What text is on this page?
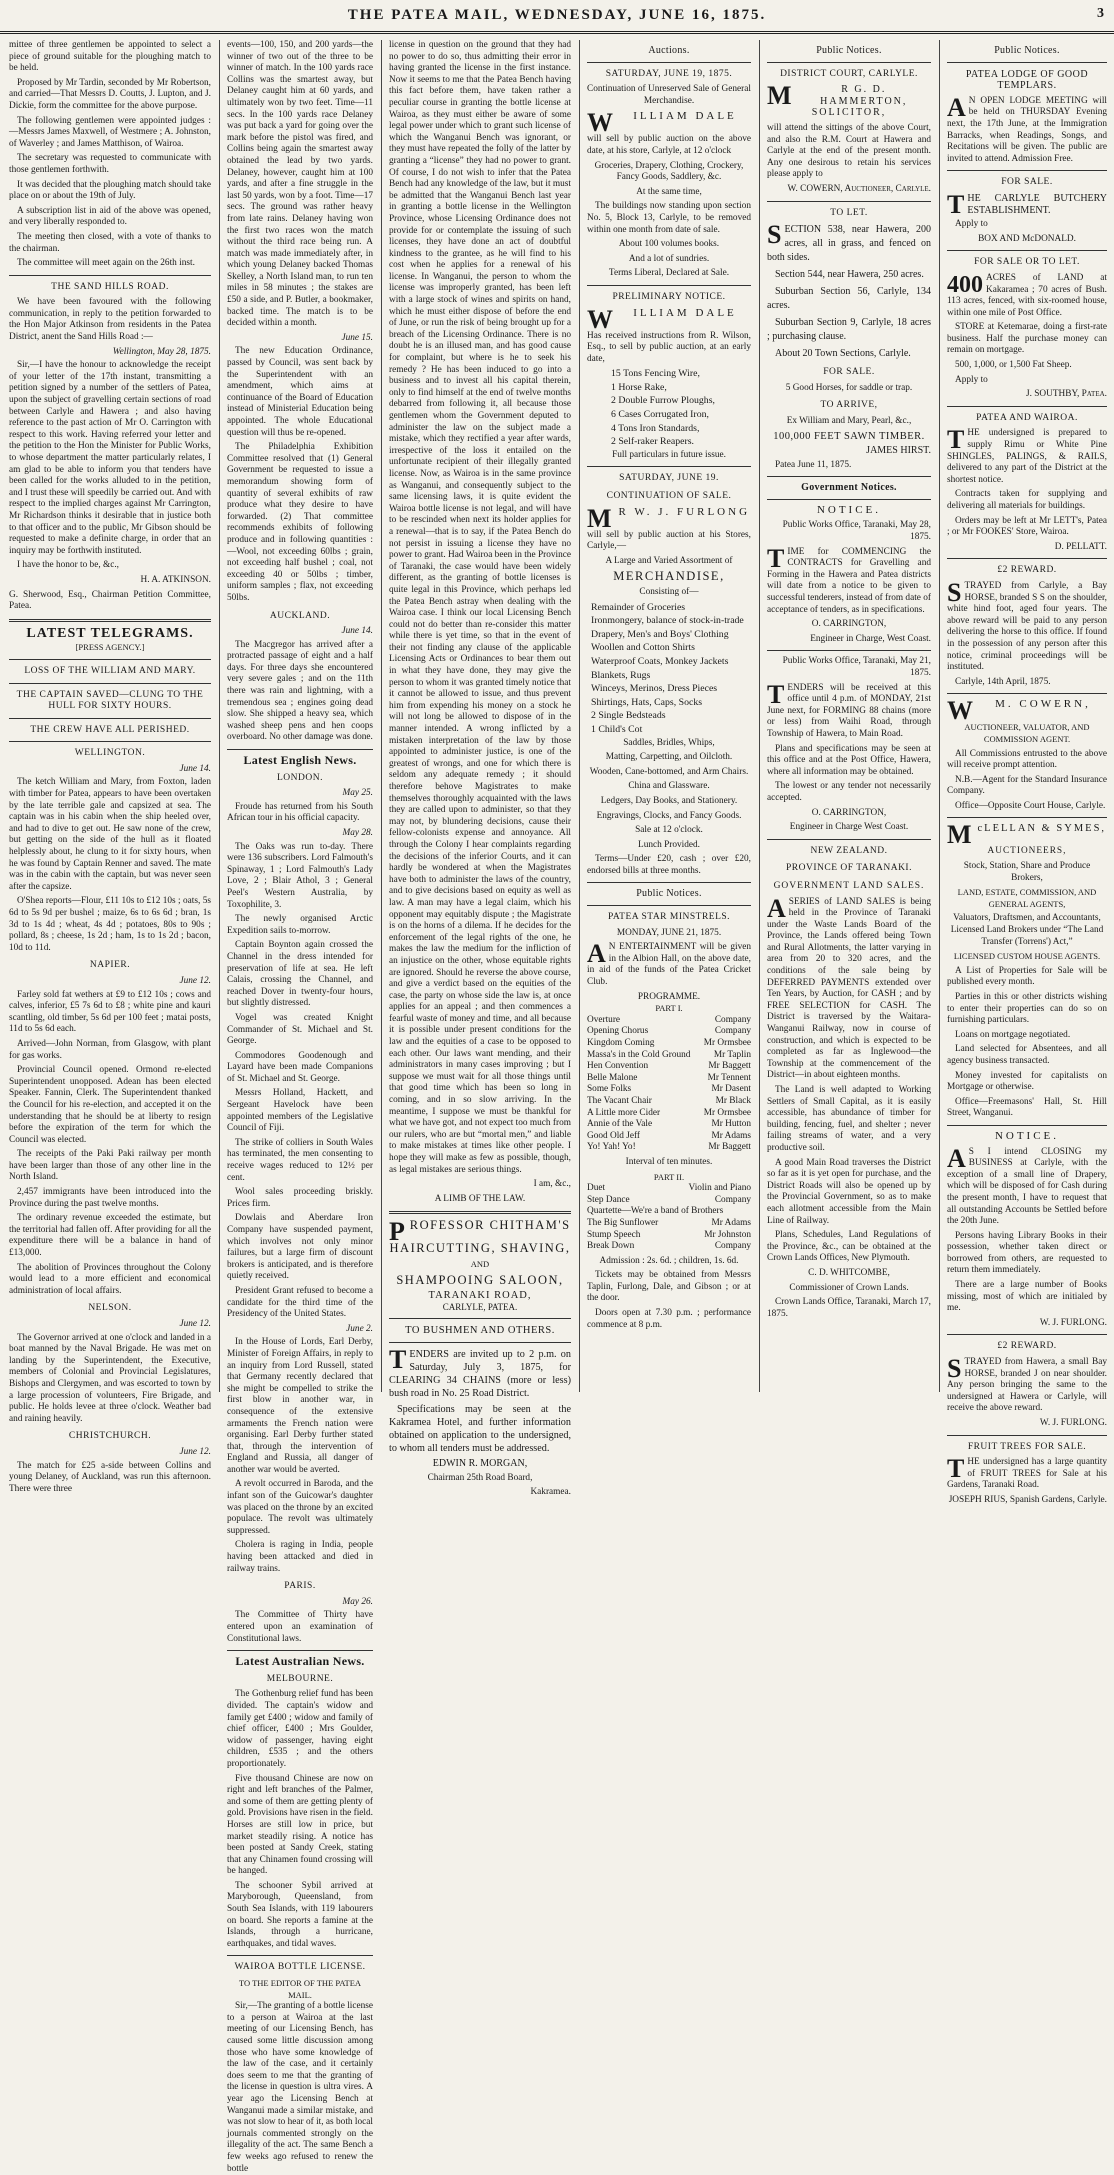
THE PATEA MAIL, WEDNESDAY, JUNE 16, 1875.	3

mittee of three gentlemen be appointed to select a piece of ground suitable for the ploughing match to be held.

Proposed by Mr Tardin, seconded by Mr Robertson, and carried—That Messrs D. Coutts, J. Lupton, and J. Dickie, form the committee for the above purpose.

The following gentlemen were appointed judges :—Messrs James Maxwell, of Westmere ; A. Johnston, of Waverley ; and James Matthison, of Wairoa.

The secretary was requested to communicate with those gentlemen forthwith.

It was decided that the ploughing match should take place on or about the 19th of July.

A subscription list in aid of the above was opened, and very liberally responded to.

The meeting then closed, with a vote of thanks to the chairman.

The committee will meet again on the 26th inst.

THE SAND HILLS ROAD.

We have been favoured with the following communication, in reply to the petition forwarded to the Hon Major Atkinson from residents in the Patea District, anent the Sand Hills Road :—

Wellington, May 28, 1875.

Sir,—I have the honour to acknowledge the receipt of your letter of the 17th instant, transmitting a petition signed by a number of the settlers of Patea, upon the subject of gravelling certain sections of road between Carlyle and Hawera ; and also having reference to the past action of Mr O. Carrington with respect to this work. Having referred your letter and the petition to the Hon the Minister for Public Works, to whose department the matter particularly relates, I am glad to be able to inform you that tenders have been called for the works alluded to in the petition, and I trust these will speedily be carried out. And with respect to the implied charges against Mr Carrington, Mr Richardson thinks it desirable that in justice both to that officer and to the public, Mr Gibson should be requested to make a definite charge, in order that an inquiry may be forthwith instituted.

I have the honor to be, &c.,

H. A. ATKINSON.

G. Sherwood, Esq., Chairman Petition Committee, Patea.

LATEST TELEGRAMS.
[PRESS AGENCY.]
LOSS OF THE WILLIAM AND MARY.
THE CAPTAIN SAVED—CLUNG TO THE HULL FOR SIXTY HOURS.
THE CREW HAVE ALL PERISHED.
WELLINGTON.
June 14.

The ketch William and Mary, from Foxton, laden with timber for Patea, appears to have been overtaken by the late terrible gale and capsized at sea. The captain was in his cabin when the ship heeled over, and had to dive to get out. He saw none of the crew, but getting on the side of the hull as it floated helplessly about, he clung to it for sixty hours, when he was found by Captain Renner and saved. The mate was in the cabin with the captain, but was never seen after the capsize.

O'Shea reports—Flour, £11 10s to £12 10s ; oats, 5s 6d to 5s 9d per bushel ; maize, 6s to 6s 6d ; bran, 1s 3d to 1s 4d ; wheat, 4s 4d ; potatoes, 80s to 90s ; pollard, 8s ; cheese, 1s 2d ; ham, 1s to 1s 2d ; bacon, 10d to 11d.

NAPIER.
June 12.

Farley sold fat wethers at £9 to £12 10s ; cows and calves, inferior, £5 7s 6d to £8 ; white pine and kauri scantling, old timber, 5s 6d per 100 feet ; matai posts, 11d to 5s 6d each.

Arrived—John Norman, from Glasgow, with plant for gas works.

Provincial Council opened. Ormond re-elected Superintendent unopposed. Adean has been elected Speaker. Fannin, Clerk. The Superintendent thanked the Council for his re-election, and accepted it on the understanding that he should be at liberty to resign before the expiration of the term for which the Council was elected.

The receipts of the Paki Paki railway per month have been larger than those of any other line in the North Island.

2,457 immigrants have been introduced into the Province during the past twelve months.

The ordinary revenue exceeded the estimate, but the territorial had fallen off. After providing for all the expenditure there will be a balance in hand of £13,000.

The abolition of Provinces throughout the Colony would lead to a more efficient and economical administration of local affairs.

NELSON.
June 12.

The Governor arrived at one o'clock and landed in a boat manned by the Naval Brigade. He was met on landing by the Superintendent, the Executive, members of Colonial and Provincial Legislatures, Bishops and Clergymen, and was escorted to town by a large procession of volunteers, Fire Brigade, and public. He holds levee at three o'clock. Weather bad and raining heavily.

CHRISTCHURCH.
June 12.

The match for £25 a-side between Collins and young Delaney, of Auckland, was run this afternoon. There were three

events—100, 150, and 200 yards—the winner of two out of the three to be winner of match. In the 100 yards race Collins was the smartest away, but Delaney caught him at 60 yards, and ultimately won by two feet. Time—11 secs. In the 100 yards race Delaney was put back a yard for going over the mark before the pistol was fired, and Collins being again the smartest away obtained the lead by two yards. Delaney, however, caught him at 100 yards, and after a fine struggle in the last 50 yards, won by a foot. Time—17 secs. The ground was rather heavy from late rains. Delaney having won the first two races won the match without the third race being run. A match was made immediately after, in which young Delaney backed Thomas Skelley, a North Island man, to run ten miles in 58 minutes ; the stakes are £50 a side, and P. Butler, a bookmaker, backed time. The match is to be decided within a month.

June 15.

The new Education Ordinance, passed by Council, was sent back by the Superintendent with an amendment, which aims at continuance of the Board of Education instead of Ministerial Education being appointed. The whole Educational question will thus be re-opened.

The Philadelphia Exhibition Committee resolved that (1) General Government be requested to issue a memorandum showing form of quantity of several exhibits of raw produce what they desire to have forwarded. (2) That committee recommends exhibits of following produce and in following quantities :—Wool, not exceeding 60lbs ; grain, not exceeding half bushel ; coal, not exceeding 40 or 50lbs ; timber, uniform samples ; flax, not exceeding 50lbs.

AUCKLAND.
June 14.

The Macgregor has arrived after a protracted passage of eight and a half days. For three days she encountered very severe gales ; and on the 11th there was rain and lightning, with a tremendous sea ; engines going dead slow. She shipped a heavy sea, which washed sheep pens and hen coops overboard. No other damage was done.

Latest English News.
LONDON.
May 25.

Froude has returned from his South African tour in his official capacity.

May 28.

The Oaks was run to-day. There were 136 subscribers. Lord Falmouth's Spinaway, 1 ; Lord Falmouth's Lady Love, 2 ; Blair Athol, 3 ; General Peel's Western Australia, by Toxophilite, 3.

The newly organised Arctic Expedition sails to-morrow.

Captain Boynton again crossed the Channel in the dress intended for preservation of life at sea. He left Calais, crossing the Channel, and reached Dover in twenty-four hours, but slightly distressed.

Vogel was created Knight Commander of St. Michael and St. George.

Commodores Goodenough and Layard have been made Companions of St. Michael and St. George.

Messrs Holland, Hackett, and Sergeant Havelock have been appointed members of the Legislative Council of Fiji.

The strike of colliers in South Wales has terminated, the men consenting to receive wages reduced to 12½ per cent.

Wool sales proceeding briskly. Prices firm.

Dowlais and Aberdare Iron Company have suspended payment, which involves not only minor failures, but a large firm of discount brokers is anticipated, and is therefore quietly received.

President Grant refused to become a candidate for the third time of the Presidency of the United States.

June 2.

In the House of Lords, Earl Derby, Minister of Foreign Affairs, in reply to an inquiry from Lord Russell, stated that Germany recently declared that she might be compelled to strike the first blow in another war, in consequence of the extensive armaments the French nation were organising. Earl Derby further stated that, through the intervention of England and Russia, all danger of another war would be averted.

A revolt occurred in Baroda, and the infant son of the Guicowar's daughter was placed on the throne by an excited populace. The revolt was ultimately suppressed.

Cholera is raging in India, people having been attacked and died in railway trains.

PARIS.
May 26.

The Committee of Thirty have entered upon an examination of Constitutional laws.

Latest Australian News.
MELBOURNE.

The Gothenburg relief fund has been divided. The captain's widow and family get £400 ; widow and family of chief officer, £400 ; Mrs Goulder, widow of passenger, having eight children, £535 ; and the others proportionately.

Five thousand Chinese are now on right and left branches of the Palmer, and some of them are getting plenty of gold. Provisions have risen in the field. Horses are still low in price, but market steadily rising. A notice has been posted at Sandy Creek, stating that any Chinamen found crossing will be hanged.

The schooner Sybil arrived at Maryborough, Queensland, from South Sea Islands, with 119 labourers on board. She reports a famine at the Islands, through a hurricane, earthquakes, and tidal waves.

WAIROA BOTTLE LICENSE.
TO THE EDITOR OF THE PATEA MAIL.

Sir,—The granting of a bottle license to a person at Wairoa at the last meeting of our Licensing Bench, has caused some little discussion among those who have some knowledge of the law of the case, and it certainly does seem to me that the granting of the license in question is ultra vires. A year ago the Licensing Bench at Wanganui made a similar mistake, and was not slow to hear of it, as both local journals commented strongly on the illegality of the act. The same Bench a few weeks ago refused to renew the bottle

license in question on the ground that they had no power to do so, thus admitting their error in having granted the license in the first instance. Now it seems to me that the Patea Bench having this fact before them, have taken rather a peculiar course in granting the bottle license at Wairoa, as they must either be aware of some legal power under which to grant such license of which the Wanganui Bench was ignorant, or they must have repeated the folly of the latter by granting a “license” they had no power to grant. Of course, I do not wish to infer that the Patea Bench had any knowledge of the law, but it must be admitted that the Wanganui Bench last year in granting a bottle license in the Wellington Province, whose Licensing Ordinance does not provide for or contemplate the issuing of such licenses, they have done an act of doubtful kindness to the grantee, as he will find to his cost when he applies for a renewal of his license. In Wanganui, the person to whom the license was improperly granted, has been left with a large stock of wines and spirits on hand, which he must either dispose of before the end of June, or run the risk of being brought up for a breach of the Licensing Ordinance. There is no doubt he is an illused man, and has good cause for complaint, but where is he to seek his remedy ? He has been induced to go into a business and to invest all his capital therein, only to find himself at the end of twelve months debarred from following it, all because those gentlemen whom the Government deputed to administer the law on the subject made a mistake, which they rectified a year after wards, irrespective of the loss it entailed on the unfortunate recipient of their illegally granted license. Now, as Wairoa is in the same province as Wanganui, and consequently subject to the same licensing laws, it is quite evident the Wairoa bottle license is not legal, and will have to be rescinded when next its holder applies for a renewal—that is to say, if the Patea Bench do not persist in issuing a license they have no power to grant. Had Wairoa been in the Province of Taranaki, the case would have been widely different, as the granting of bottle licenses is quite legal in this Province, which perhaps led the Patea Bench astray when dealing with the Wairoa case. I think our local Licensing Bench could not do better than re-consider this matter while there is yet time, so that in the event of their not finding any clause of the applicable Licensing Acts or Ordinances to bear them out in what they have done, they may give the person to whom it was granted timely notice that it cannot be allowed to issue, and thus prevent him from expending his money on a stock he will not long be allowed to dispose of in the manner intended. A wrong inflicted by a mistaken interpretation of the law by those appointed to administer justice, is one of the greatest of wrongs, and one for which there is seldom any adequate remedy ; it should therefore behove Magistrates to make themselves thoroughly acquainted with the laws they are called upon to administer, so that they may not, by blundering decisions, cause their fellow-colonists expense and annoyance. All through the Colony I hear complaints regarding the decisions of the inferior Courts, and it can hardly be wondered at when the Magistrates have both to administer the laws of the country, and to give decisions based on equity as well as law. A man may have a legal claim, which his opponent may equitably dispute ; the Magistrate is on the horns of a dilema. If he decides for the enforcement of the legal rights of the one, he makes the law the medium for the infliction of an injustice on the other, whose equitable rights are ignored. Should he reverse the above course, and give a verdict based on the equities of the case, the party on whose side the law is, at once applies for an appeal ; and then commences a fearful waste of money and time, and all because it is possible under present conditions for the law and the equities of a case to be opposed to each other. Our laws want mending, and their administrators in many cases improving ; but I suppose we must wait for all those things until that good time which has been so long in coming, and in so slow arriving. In the meantime, I suppose we must be thankful for what we have got, and not expect too much from our rulers, who are but “mortal men,” and liable to make mistakes at times like other people. I hope they will make as few as possible, though, as legal mistakes are serious things.

I am, &c.,

A LIMB OF THE LAW.

PROFESSOR CHITHAM'S
HAIRCUTTING, SHAVING,
AND
SHAMPOOING SALOON,
TARANAKI ROAD,
CARLYLE, PATEA.
TO BUSHMEN AND OTHERS.

TENDERS are invited up to 2 p.m. on Saturday, July 3, 1875, for CLEARING 34 CHAINS (more or less) bush road in No. 25 Road District.

Specifications may be seen at the Kakramea Hotel, and further information obtained on application to the undersigned, to whom all tenders must be addressed.

EDWIN R. MORGAN,

Chairman 25th Road Board,

Kakramea.

Auctions.
SATURDAY, JUNE 19, 1875.

Continuation of Unreserved Sale of General Merchandise.

W ILLIAM DALE

will sell by public auction on the above date, at his store, Carlyle, at 12 o'clock

Groceries, Drapery, Clothing, Crockery, Fancy Goods, Saddlery, &c.

At the same time,

The buildings now standing upon section No. 5, Block 13, Carlyle, to be removed within one month from date of sale.

About 100 volumes books.

And a lot of sundries.

Terms Liberal, Declared at Sale.

PRELIMINARY NOTICE.
W ILLIAM DALE

Has received instructions from R. Wilson, Esq., to sell by public auction, at an early date,

15 Tons Fencing Wire,
1 Horse Rake,
2 Double Furrow Ploughs,
6 Cases Corrugated Iron,
4 Tons Iron Standards,
2 Self-raker Reapers.

Full particulars in future issue.

SATURDAY, JUNE 19.
CONTINUATION OF SALE.
M R W. J. FURLONG

will sell by public auction at his Stores, Carlyle,—

A Large and Varied Assortment of

MERCHANDISE,

Consisting of—

Remainder of Groceries
Ironmongery, balance of stock-in-trade
Drapery, Men's and Boys' Clothing
Woollen and Cotton Shirts
Waterproof Coats, Monkey Jackets
Blankets, Rugs
Winceys, Merinos, Dress Pieces
Shirtings, Hats, Caps, Socks
2 Single Bedsteads
1 Child's Cot

Saddles, Bridles, Whips,

Matting, Carpetting, and Oilcloth.

Wooden, Cane-bottomed, and Arm Chairs.

China and Glassware.

Ledgers, Day Books, and Stationery.

Engravings, Clocks, and Fancy Goods.

Sale at 12 o'clock.

Lunch Provided.

Terms—Under £20, cash ; over £20, endorsed bills at three months.

Public Notices.
PATEA STAR MINSTRELS.

MONDAY, JUNE 21, 1875.

A N ENTERTAINMENT will be given in the Albion Hall, on the above date, in aid of the funds of the Patea Cricket Club.

PROGRAMME.
PART I.
Overture	Company
Opening Chorus	Company
Kingdom Coming	Mr Ormsbee
Massa's in the Cold Ground	Mr Taplin
Hen Convention	Mr Baggett
Belle Malone	Mr Tennent
Some Folks	Mr Dasent
The Vacant Chair	Mr Black
A Little more Cider	Mr Ormsbee
Annie of the Vale	Mr Hutton
Good Old Jeff	Mr Adams
Yo! Yah! Yo!	Mr Baggett

Interval of ten minutes.

PART II.
Duet	Violin and Piano
Step Dance	Company
Quartette—We're a band of Brothers
The Big Sunflower	Mr Adams
Stump Speech	Mr Johnston
Break Down	Company

Admission : 2s. 6d. ; children, 1s. 6d.

Tickets may be obtained from Messrs Taplin, Furlong, Dale, and Gibson ; or at the door.

Doors open at 7.30 p.m. ; performance commence at 8 p.m.

Public Notices.
DISTRICT COURT, CARLYLE.
M	R G. D. HAMMERTON, SOLICITOR,

will attend the sittings of the above Court, and also the R.M. Court at Hawera and Carlyle at the end of the present month. Any one desirous to retain his services please apply to

W. COWERN, Auctioneer, Carlyle.

TO LET.

SECTION 538, near Hawera, 200 acres, all in grass, and fenced on both sides.

Section 544, near Hawera, 250 acres.

Suburban Section 56, Carlyle, 134 acres.

Suburban Section 9, Carlyle, 18 acres ; purchasing clause.

About 20 Town Sections, Carlyle.

FOR SALE.

5 Good Horses, for saddle or trap.

TO ARRIVE,

Ex William and Mary, Pearl, &c.,

100,000 FEET SAWN TIMBER.

JAMES HIRST.

Patea June 11, 1875.

Government Notices.
NOTICE.

Public Works Office, Taranaki, May 28, 1875.

TIME for COMMENCING the CONTRACTS for Gravelling and Forming in the Hawera and Patea districts will date from a notice to be given to successful tenderers, instead of from date of acceptance of tenders, as in specifications.

O. CARRINGTON,

Engineer in Charge, West Coast.

Public Works Office, Taranaki, May 21, 1875.

TENDERS will be received at this office until 4 p.m. of MONDAY, 21st June next, for FORMING 88 chains (more or less) from Waihi Road, through Township of Hawera, to Main Road.

Plans and specifications may be seen at this office and at the Post Office, Hawera, where all information may be obtained.

The lowest or any tender not necessarily accepted.

O. CARRINGTON,

Engineer in Charge West Coast.

NEW ZEALAND.
PROVINCE OF TARANAKI.
GOVERNMENT LAND SALES.

ASERIES of LAND SALES is being held in the Province of Taranaki under the Waste Lands Board of the Province, the Lands offered being Town and Rural Allotments, the latter varying in area from 20 to 320 acres, and the conditions of the sale being by DEFERRED PAYMENTS extended over Ten Years, by Auction, for CASH ; and by FREE SELECTION for CASH. The District is traversed by the Waitara-Wanganui Railway, now in course of construction, and which is expected to be completed as far as Inglewood—the Township at the commencement of the District—in about eighteen months.

The Land is well adapted to Working Settlers of Small Capital, as it is easily accessible, has abundance of timber for building, fencing, fuel, and shelter ; never failing streams of water, and a very productive soil.

A good Main Road traverses the District so far as it is yet open for purchase, and the District Roads will also be opened up by the Provincial Government, so as to make each allotment accessible from the Main Line of Railway.

Plans, Schedules, Land Regulations of the Province, &c., can be obtained at the Crown Lands Offices, New Plymouth.

C. D. WHITCOMBE,

Commissioner of Crown Lands.

Crown Lands Office, Taranaki, March 17, 1875.

Public Notices.
PATEA LODGE OF GOOD TEMPLARS.

A N OPEN LODGE MEETING will be held on THURSDAY Evening next, the 17th June, at the Immigration Barracks, when Readings, Songs, and Recitations will be given. The public are invited to attend. Admission Free.

FOR SALE.

THE CARLYLE BUTCHERY ESTABLISHMENT.

Apply to

BOX AND McDONALD.

FOR SALE OR TO LET.

400 ACRES of LAND at Kakaramea ; 70 acres of Bush. 113 acres, fenced, with six-roomed house, within one mile of Post Office.

STORE at Ketemarae, doing a first-rate business. Half the purchase money can remain on mortgage.

500, 1,000, or 1,500 Fat Sheep.

Apply to

J. SOUTHBY, Patea.

PATEA AND WAIROA.

THE undersigned is prepared to supply Rimu or White Pine SHINGLES, PALINGS, & RAILS, delivered to any part of the District at the shortest notice.

Contracts taken for supplying and delivering all materials for buildings.

Orders may be left at Mr LETT's, Patea ; or Mr FOOKES' Store, Wairoa.

D. PELLATT.

£2 REWARD.

STRAYED from Carlyle, a Bay HORSE, branded S S on the shoulder, white hind foot, aged four years. The above reward will be paid to any person delivering the horse to this office. If found in the possession of any person after this notice, criminal proceedings will be instituted.

Carlyle, 14th April, 1875.

W M. COWERN,

AUCTIONEER, VALUATOR, AND COMMISSION AGENT.

All Commissions entrusted to the above will receive prompt attention.

N.B.—Agent for the Standard Insurance Company.

Office—Opposite Court House, Carlyle.

McLELLAN & SYMES,

AUCTIONEERS,

Stock, Station, Share and Produce Brokers,

LAND, ESTATE, COMMISSION, AND GENERAL AGENTS,

Valuators, Draftsmen, and Accountants, Licensed Land Brokers under “The Land Transfer (Torrens') Act,”

LICENSED CUSTOM HOUSE AGENTS.

A List of Properties for Sale will be published every month.

Parties in this or other districts wishing to enter their properties can do so on furnishing particulars.

Loans on mortgage negotiated.

Land selected for Absentees, and all agency business transacted.

Money invested for capitalists on Mortgage or otherwise.

Office—Freemasons' Hall, St. Hill Street, Wanganui.

NOTICE.

A S I intend CLOSING my BUSINESS at Carlyle, with the exception of a small line of Drapery, which will be disposed of for Cash during the present month, I have to request that all outstanding Accounts be Settled before the 20th June.

Persons having Library Books in their possession, whether taken direct or borrowed from others, are requested to return them immediately.

There are a large number of Books missing, most of which are initialed by me.

W. J. FURLONG.

£2 REWARD.

STRAYED from Hawera, a small Bay HORSE, branded J on near shoulder. Any person bringing the same to the undersigned at Hawera or Carlyle, will receive the above reward.

W. J. FURLONG.

FRUIT TREES FOR SALE.

THE undersigned has a large quantity of FRUIT TREES for Sale at his Gardens, Taranaki Road.

JOSEPH RIUS, Spanish Gardens, Carlyle.
